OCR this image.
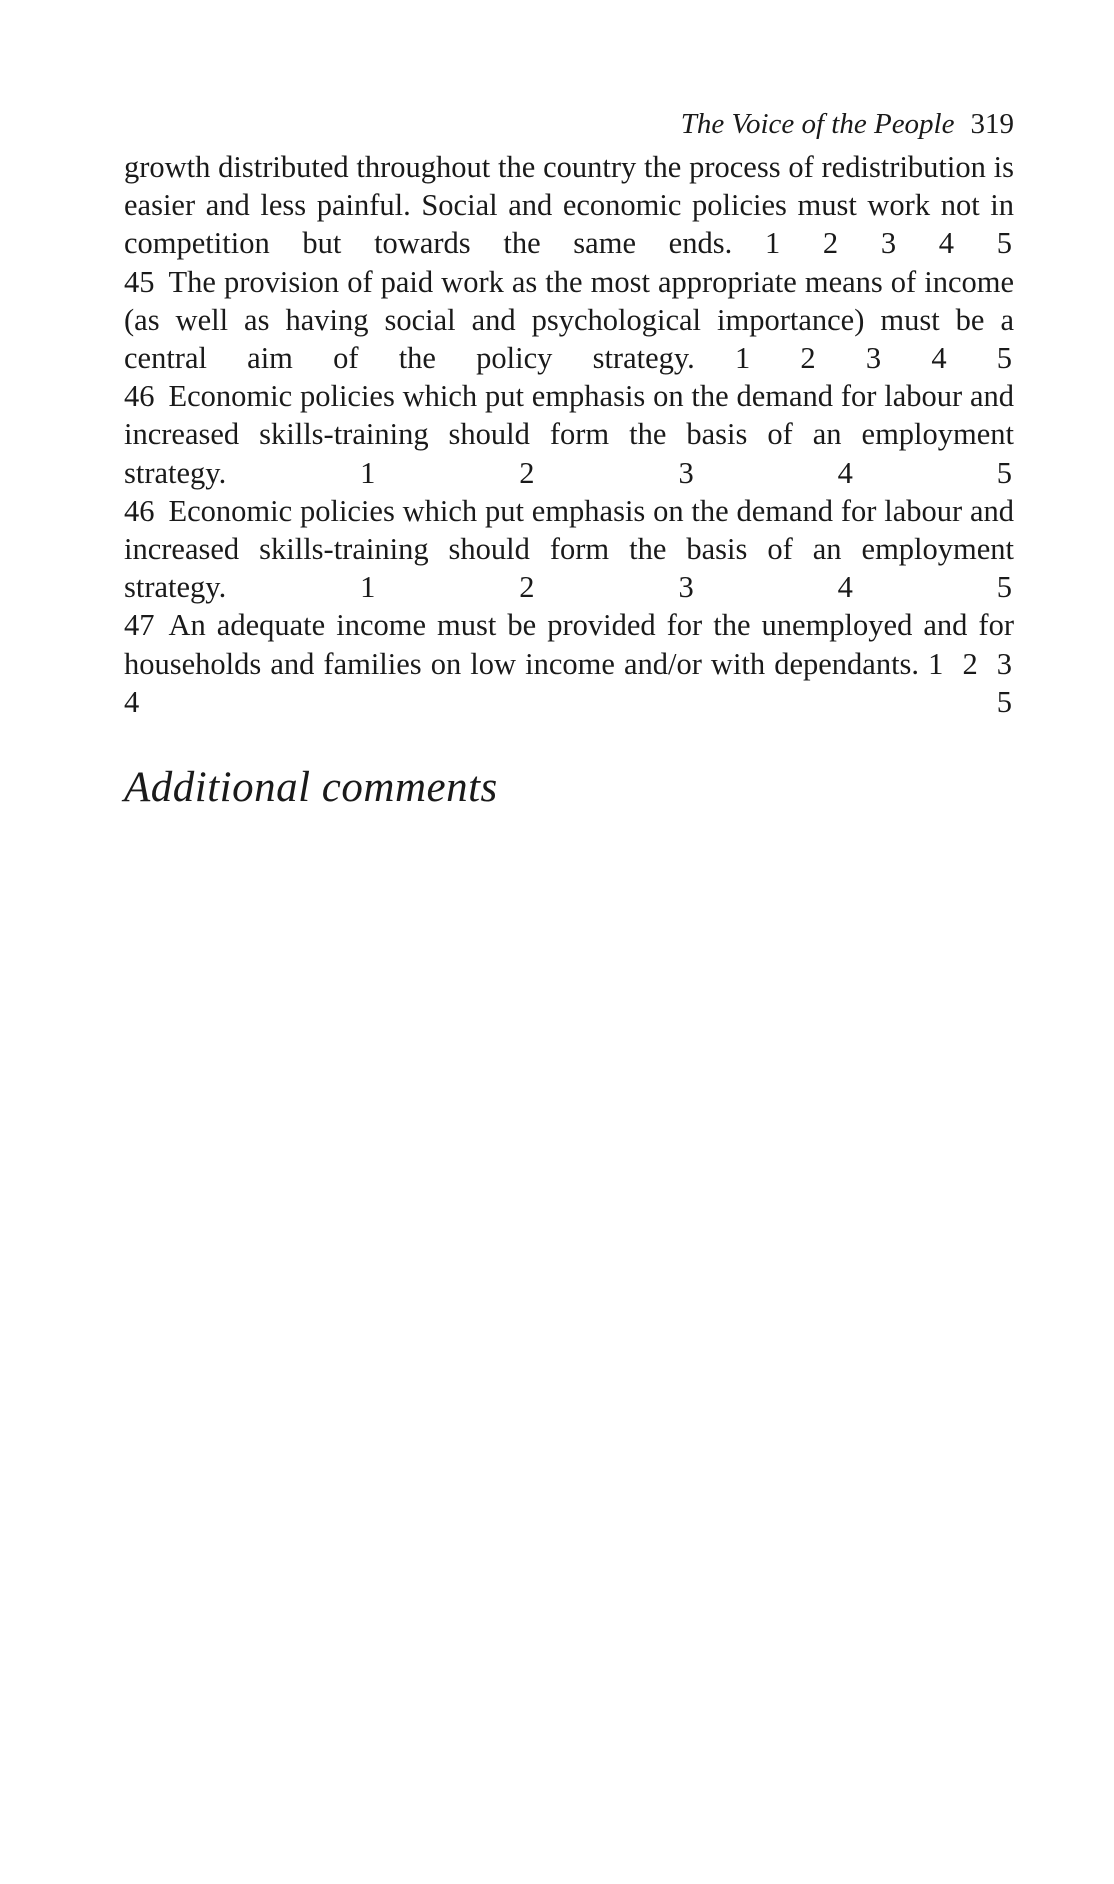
The Voice of the People 319

growth distributed throughout the country the process of redistribution is easier and less painful. Social and economic policies must work not in competition but towards the same ends. 1 2 3 4 5

45 The provision of paid work as the most appropriate means of income (as well as having social and psychological importance) must be a central aim of the policy strategy. 1 2 3 4 5

46 Economic policies which put emphasis on the demand for labour and increased skills-training should form the basis of an employment strategy.	1 2 3 4 5

46 Economic policies which put emphasis on the demand for labour and increased skills-training should form the basis of an employment strategy.	1 2 3 4 5

47 An adequate income must be provided for the unemployed and for households and families on low income and/or with dependants. 1 2 3 4 5

Additional comments
